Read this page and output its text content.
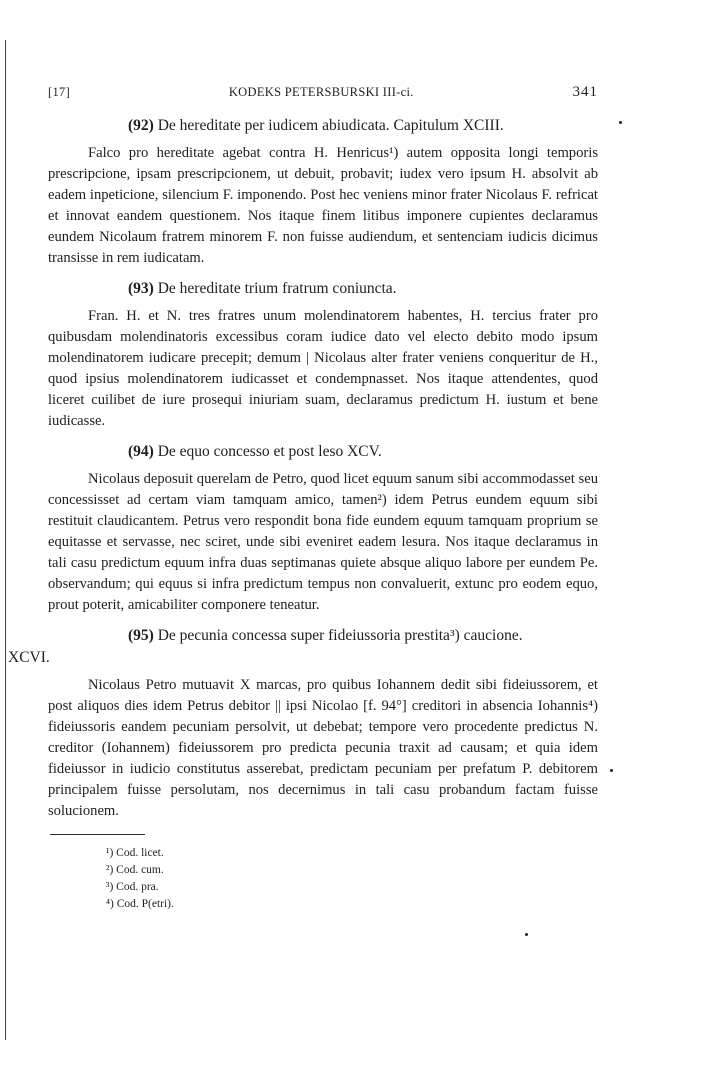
[17]	KODEKS PETERSBURSKI III-ci.	341
(92) De hereditate per iudicem abiudicata. Capitulum XCIII.

Falco pro hereditate agebat contra H. Henricus¹) autem opposita longi temporis prescripcione, ipsam prescripcionem, ut debuit, probavit; iudex vero ipsum H. absolvit ab eadem inpeticione, silencium F. imponendo. Post hec veniens minor frater Nicolaus F. refricat et innovat eandem questionem. Nos itaque finem litibus imponere cupientes declaramus eundem Nicolaum fratrem minorem F. non fuisse audiendum, et sentenciam iudicis dicimus transisse in rem iudicatam.

(93) De hereditate trium fratrum coniuncta.

Fran. H. et N. tres fratres unum molendinatorem habentes, H. tercius frater pro quibusdam molendinatoris excessibus coram iudice dato vel electo debito modo ipsum molendinatorem iudicare precepit; demum | Nicolaus alter frater veniens conqueritur de H., quod ipsius molendinatorem iudicasset et condempnasset. Nos itaque attendentes, quod liceret cuilibet de iure prosequi iniuriam suam, declaramus predictum H. iustum et bene iudicasse.

(94) De equo concesso et post leso XCV.

Nicolaus deposuit querelam de Petro, quod licet equum sanum sibi accommodasset seu concessisset ad certam viam tamquam amico, tamen²) idem Petrus eundem equum sibi restituit claudicantem. Petrus vero respondit bona fide eundem equum tamquam proprium se equitasse et servasse, nec sciret, unde sibi eveniret eadem lesura. Nos itaque declaramus in tali casu predictum equum infra duas septimanas quiete absque aliquo labore per eundem Pe. observandum; qui equus si infra predictum tempus non convaluerit, extunc pro eodem equo, prout poterit, amicabiliter componere teneatur.

(95) De pecunia concessa super fideiussoria prestita³) caucione.
XCVI.

Nicolaus Petro mutuavit X marcas, pro quibus Iohannem dedit sibi fideiussorem, et post aliquos dies idem Petrus debitor || ipsi Nicolao [f. 94°] creditori in absencia Iohannis⁴) fideiussoris eandem pecuniam persolvit, ut debebat; tempore vero procedente predictus N. creditor (Iohannem) fideiussorem pro predicta pecunia traxit ad causam; et quia idem fideiussor in iudicio constitutus asserebat, predictam pecuniam per prefatum P. debitorem principalem fuisse persolutam, nos decernimus in tali casu probandum factam fuisse solucionem.

¹) Cod. licet.
²) Cod. cum.
³) Cod. pra.
⁴) Cod. P(etri).
